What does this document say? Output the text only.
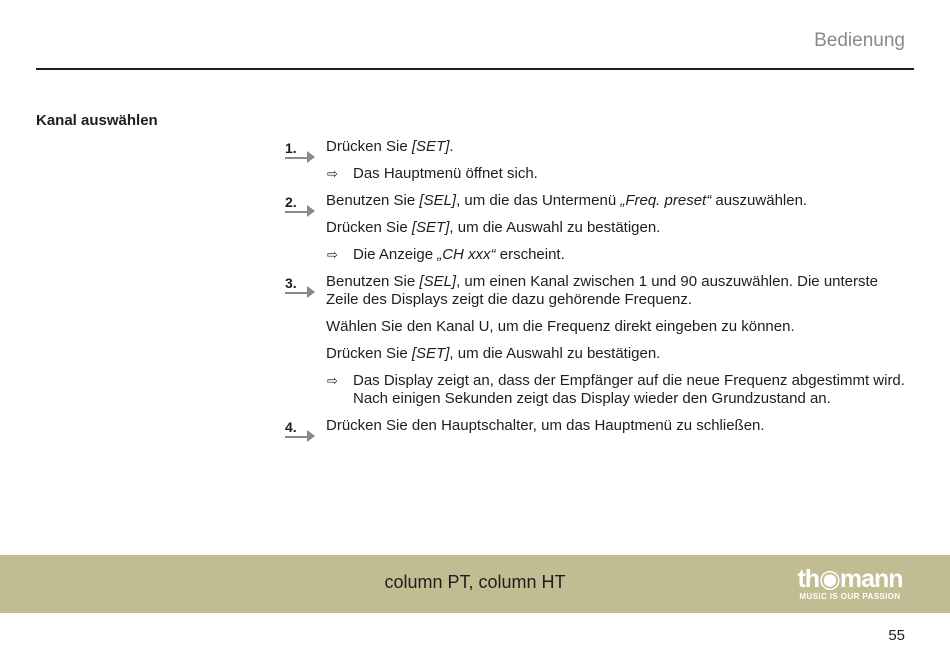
Bedienung
Kanal auswählen
1. Drücken Sie [SET].

⇨ Das Hauptmenü öffnet sich.

2. Benutzen Sie [SEL], um die das Untermenü „Freq. preset“ auszuwählen.

Drücken Sie [SET], um die Auswahl zu bestätigen.

⇨ Die Anzeige „CH xxx“ erscheint.

3. Benutzen Sie [SEL], um einen Kanal zwischen 1 und 90 auszuwählen. Die unterste Zeile des Displays zeigt die dazu gehörende Frequenz.

Wählen Sie den Kanal U, um die Frequenz direkt eingeben zu können.

Drücken Sie [SET], um die Auswahl zu bestätigen.

⇨ Das Display zeigt an, dass der Empfänger auf die neue Frequenz abgestimmt wird. Nach einigen Sekunden zeigt das Display wieder den Grundzustand an.

4. Drücken Sie den Hauptschalter, um das Hauptmenü zu schließen.

column PT, column HT	th◉mann
MUSIC IS OUR PASSION
55
